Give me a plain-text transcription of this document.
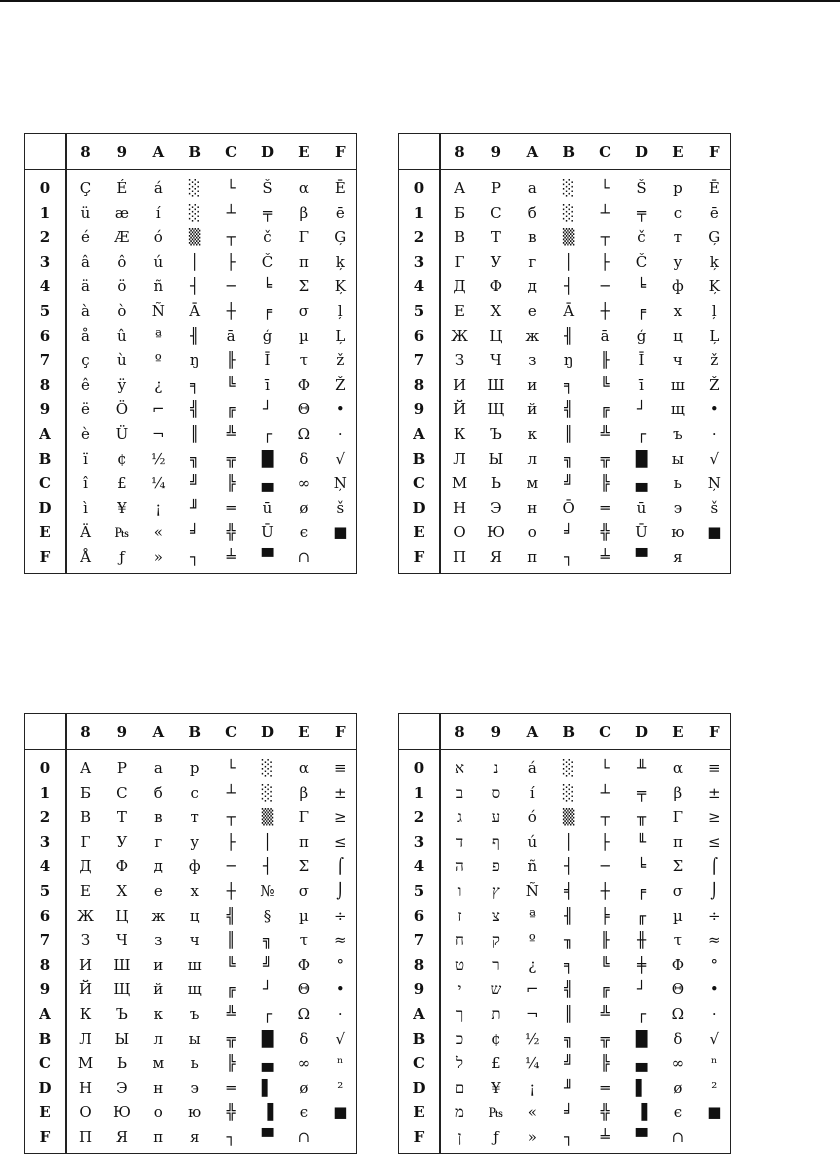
8	9	A	B	C	D	E	F
0	Ç	É	á	░	└	Š	α	Ē
1	ü	æ	í	░	┴	╤	β	ē
2	é	Æ	ó	▒	┬	č	Γ	Ģ
3	â	ô	ú	│	├	Č	π	ķ
4	ä	ö	ñ	┤	─	╘	Σ	Ķ
5	à	ò	Ñ	Ā	┼	╒	σ	ļ
6	å	û	ª	╢	ā	ģ	µ	Ļ
7	ç	ù	º	ŋ	╟	Ī	τ	ž
8	ê	ÿ	¿	╕	╚	ī	Φ	Ž
9	ë	Ö	⌐	╣	╔	┘	Θ	•
A	è	Ü	¬	║	╩	┌	Ω	·
B	ï	¢	½	╗	╦	█	δ	√
C	î	£	¼	╝	╠	▄	∞	Ņ
D	ì	¥	¡	╜	═	ū	ø	š
E	Ä	₧	«	╛	╬	Ū	ϵ	■
F	Å	ƒ	»	┐	╧	▀	∩
8	9	A	B	C	D	E	F
0	А	Р	а	░	└	Š	р	Ē
1	Б	С	б	░	┴	╤	с	ē
2	В	Т	в	▒	┬	č	т	Ģ
3	Г	У	г	│	├	Č	у	ķ
4	Д	Ф	д	┤	─	╘	ф	Ķ
5	Е	Х	е	Ā	┼	╒	х	ļ
6	Ж	Ц	ж	╢	ā	ģ	ц	Ļ
7	З	Ч	з	ŋ	╟	Ī	ч	ž
8	И	Ш	и	╕	╚	ī	ш	Ž
9	Й	Щ	й	╣	╔	┘	щ	•
A	К	Ъ	к	║	╩	┌	ъ	·
B	Л	Ы	л	╗	╦	█	ы	√
C	М	Ь	м	╝	╠	▄	ь	Ņ
D	Н	Э	н	Ō	═	ū	э	š
E	О	Ю	о	╛	╬	Ū	ю	■
F	П	Я	п	┐	╧	▀	я
8	9	A	B	C	D	E	F
0	А	Р	а	р	└	░	α	≡
1	Б	С	б	с	┴	░	β	±
2	В	Т	в	т	┬	▒	Γ	≥
3	Г	У	г	у	├	│	π	≤
4	Д	Ф	д	ф	─	┤	Σ	⌠
5	Е	Х	е	х	┼	№	σ	⌡
6	Ж	Ц	ж	ц	╣	§	µ	÷
7	З	Ч	з	ч	║	╗	τ	≈
8	И	Ш	и	ш	╚	╝	Φ	°
9	Й	Щ	й	щ	╔	┘	Θ	•
A	К	Ъ	к	ъ	╩	┌	Ω	·
B	Л	Ы	л	ы	╦	█	δ	√
C	М	Ь	м	ь	╠	▄	∞	ⁿ
D	Н	Э	н	э	═	▌	ø	²
E	О	Ю	о	ю	╬	▐	ϵ	■
F	П	Я	п	я	┐	▀	∩
8	9	A	B	C	D	E	F
0	א	נ	á	░	└	╨	α	≡
1	ב	ס	í	░	┴	╤	β	±
2	ג	ע	ó	▒	┬	╥	Γ	≥
3	ד	ף	ú	│	├	╙	π	≤
4	ה	פ	ñ	┤	─	╘	Σ	⌠
5	ו	ץ	Ñ	╡	┼	╒	σ	⌡
6	ז	צ	ª	╢	╞	╓	µ	÷
7	ח	ק	º	╖	╟	╫	τ	≈
8	ט	ר	¿	╕	╚	╪	Φ	°
9	י	ש	⌐	╣	╔	┘	Θ	•
A	ך	ת	¬	║	╩	┌	Ω	·
B	כ	¢	½	╗	╦	█	δ	√
C	ל	£	¼	╝	╠	▄	∞	ⁿ
D	ם	¥	¡	╜	═	▌	ø	²
E	מ	₧	«	╛	╬	▐	ϵ	■
F	ן	ƒ	»	┐	╧	▀	∩
